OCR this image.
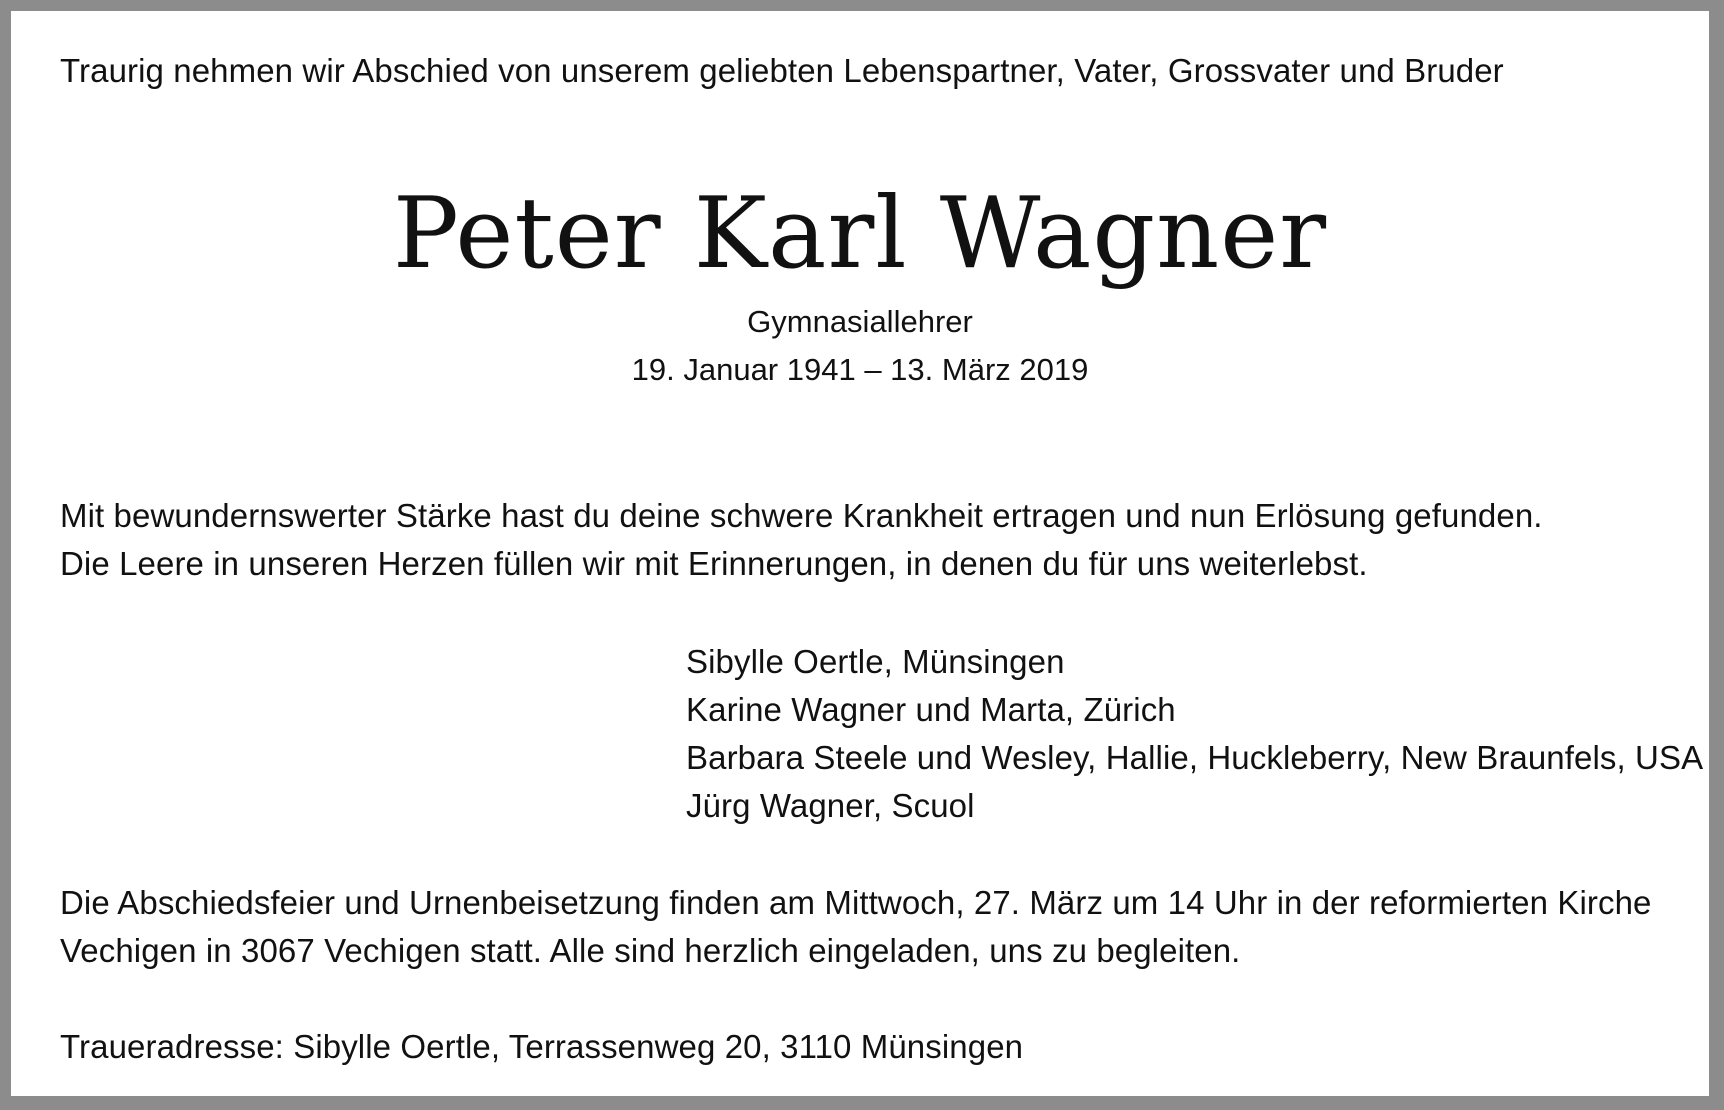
Traurig nehmen wir Abschied von unserem geliebten Lebenspartner, Vater, Grossvater und Bruder
Peter Karl Wagner
Gymnasiallehrer
19. Januar 1941 – 13. März 2019
Mit bewundernswerter Stärke hast du deine schwere Krankheit ertragen und nun Erlösung gefunden.
Die Leere in unseren Herzen füllen wir mit Erinnerungen, in denen du für uns weiterlebst.
Sibylle Oertle, Münsingen
Karine Wagner und Marta, Zürich
Barbara Steele und Wesley, Hallie, Huckleberry, New Braunfels, USA
Jürg Wagner, Scuol
Die Abschiedsfeier und Urnenbeisetzung finden am Mittwoch, 27. März um 14 Uhr in der reformierten Kirche
Vechigen in 3067 Vechigen statt. Alle sind herzlich eingeladen, uns zu begleiten.
Traueradresse: Sibylle Oertle, Terrassenweg 20, 3110 Münsingen
